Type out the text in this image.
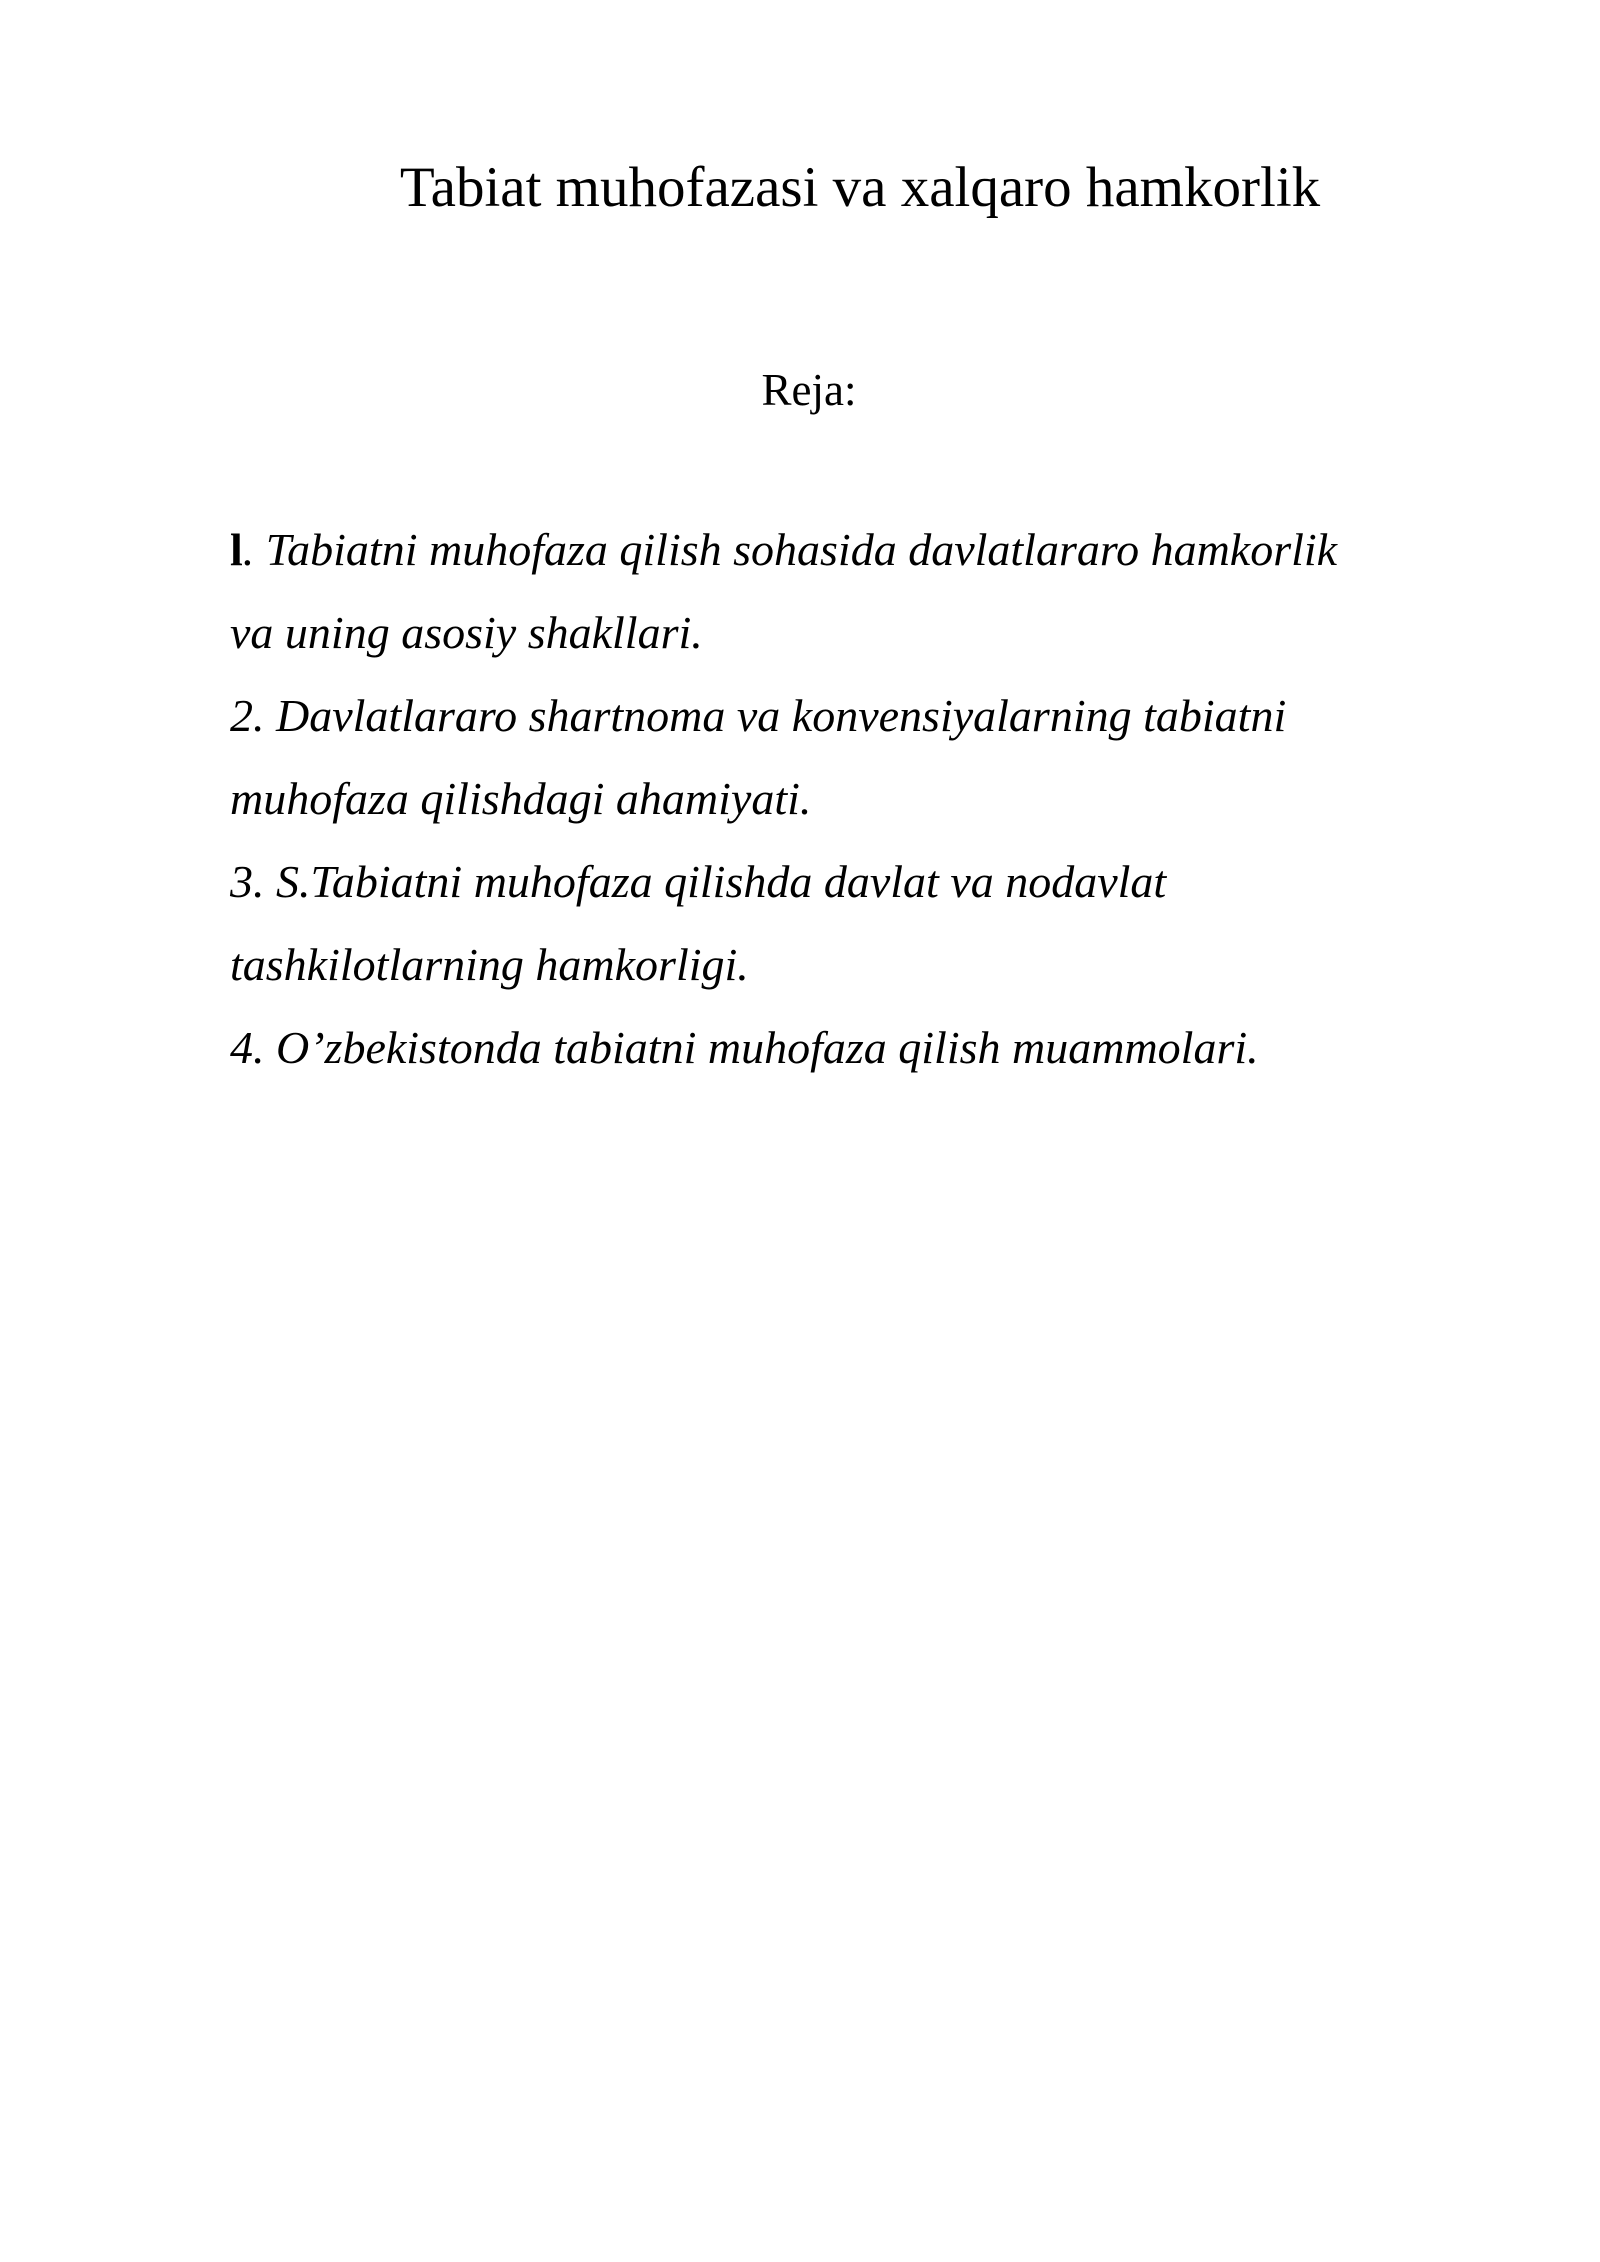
Tabiat muhofazasi va xalqaro hamkorlik
Reja:
l. Tabiatni muhofaza qilish sohasida davlatlararo hamkorlik
va uning asosiy shakllari.
2. Davlatlararo shartnoma va konvensiyalarning tabiatni
muhofaza qilishdagi ahamiyati.
3. S.Tabiatni muhofaza qilishda davlat va nodavlat
tashkilotlarning hamkorligi.
4. O’zbekistonda tabiatni muhofaza qilish muammolari.
